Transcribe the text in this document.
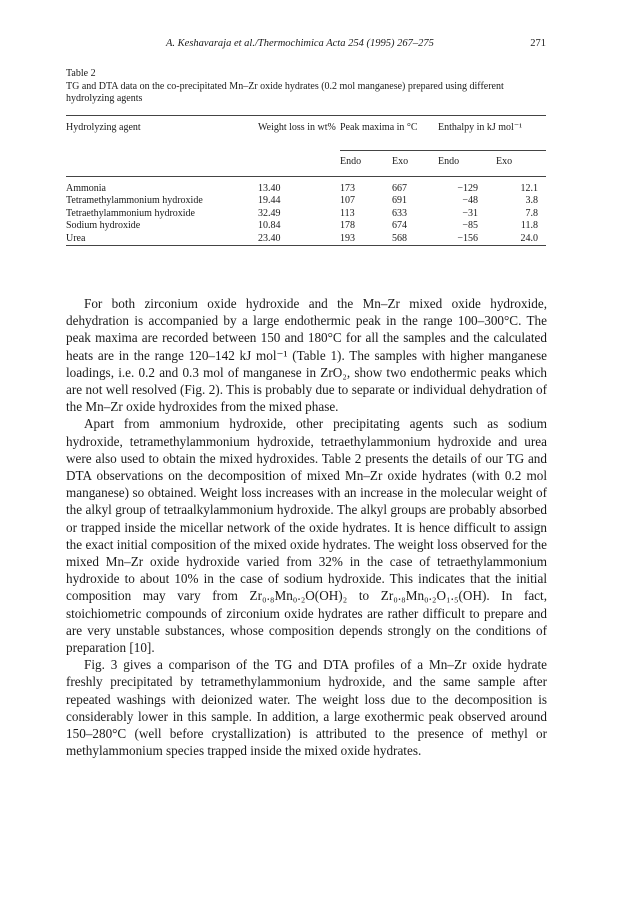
A. Keshavaraja et al./Thermochimica Acta 254 (1995) 267–275	271

Table 2

TG and DTA data on the co-precipitated Mn–Zr oxide hydrates (0.2 mol manganese) prepared using different hydrolyzing agents

Hydrolyzing agent	Weight loss in wt%	Peak maxima in °C		Enthalpy in kJ mol⁻¹	
		Endo	Exo	Endo	Exo

Ammonia	13.40	173	667	−129	12.1
Tetramethylammonium hydroxide	19.44	107	691	−48	3.8
Tetraethylammonium hydroxide	32.49	113	633	−31	7.8
Sodium hydroxide	10.84	178	674	−85	11.8
Urea	23.40	193	568	−156	24.0

For both zirconium oxide hydroxide and the Mn–Zr mixed oxide hydroxide, dehydration is accompanied by a large endothermic peak in the range 100–300°C. The peak maxima are recorded between 150 and 180°C for all the samples and the calculated heats are in the range 120–142 kJ mol⁻¹ (Table 1). The samples with higher manganese loadings, i.e. 0.2 and 0.3 mol of manganese in ZrO₂, show two endothermic peaks which are not well resolved (Fig. 2). This is probably due to separate or individual dehydration of the Mn–Zr oxide hydroxides from the mixed phase.

Apart from ammonium hydroxide, other precipitating agents such as sodium hydroxide, tetramethylammonium hydroxide, tetraethylammonium hydroxide and urea were also used to obtain the mixed hydroxides. Table 2 presents the details of our TG and DTA observations on the decomposition of mixed Mn–Zr oxide hydrates (with 0.2 mol manganese) so obtained. Weight loss increases with an increase in the molecular weight of the alkyl group of tetraalkylammonium hydroxide. The alkyl groups are probably absorbed or trapped inside the micellar network of the oxide hydrates. It is hence difficult to assign the exact initial composition of the mixed oxide hydrates. The weight loss observed for the mixed Mn–Zr oxide hydroxide varied from 32% in the case of tetraethylammonium hydroxide to about 10% in the case of sodium hydroxide. This indicates that the initial composition may vary from Zr₀.₈Mn₀.₂O(OH)₂ to Zr₀.₈Mn₀.₂O₁.₅(OH). In fact, stoichiometric compounds of zirconium oxide hydrates are rather difficult to prepare and are very unstable substances, whose composition depends strongly on the conditions of preparation [10].

Fig. 3 gives a comparison of the TG and DTA profiles of a Mn–Zr oxide hydrate freshly precipitated by tetramethylammonium hydroxide, and the same sample after repeated washings with deionized water. The weight loss due to the decomposition is considerably lower in this sample. In addition, a large exothermic peak observed around 150–280°C (well before crystallization) is attributed to the presence of methyl or methylammonium species trapped inside the mixed oxide hydrates.
